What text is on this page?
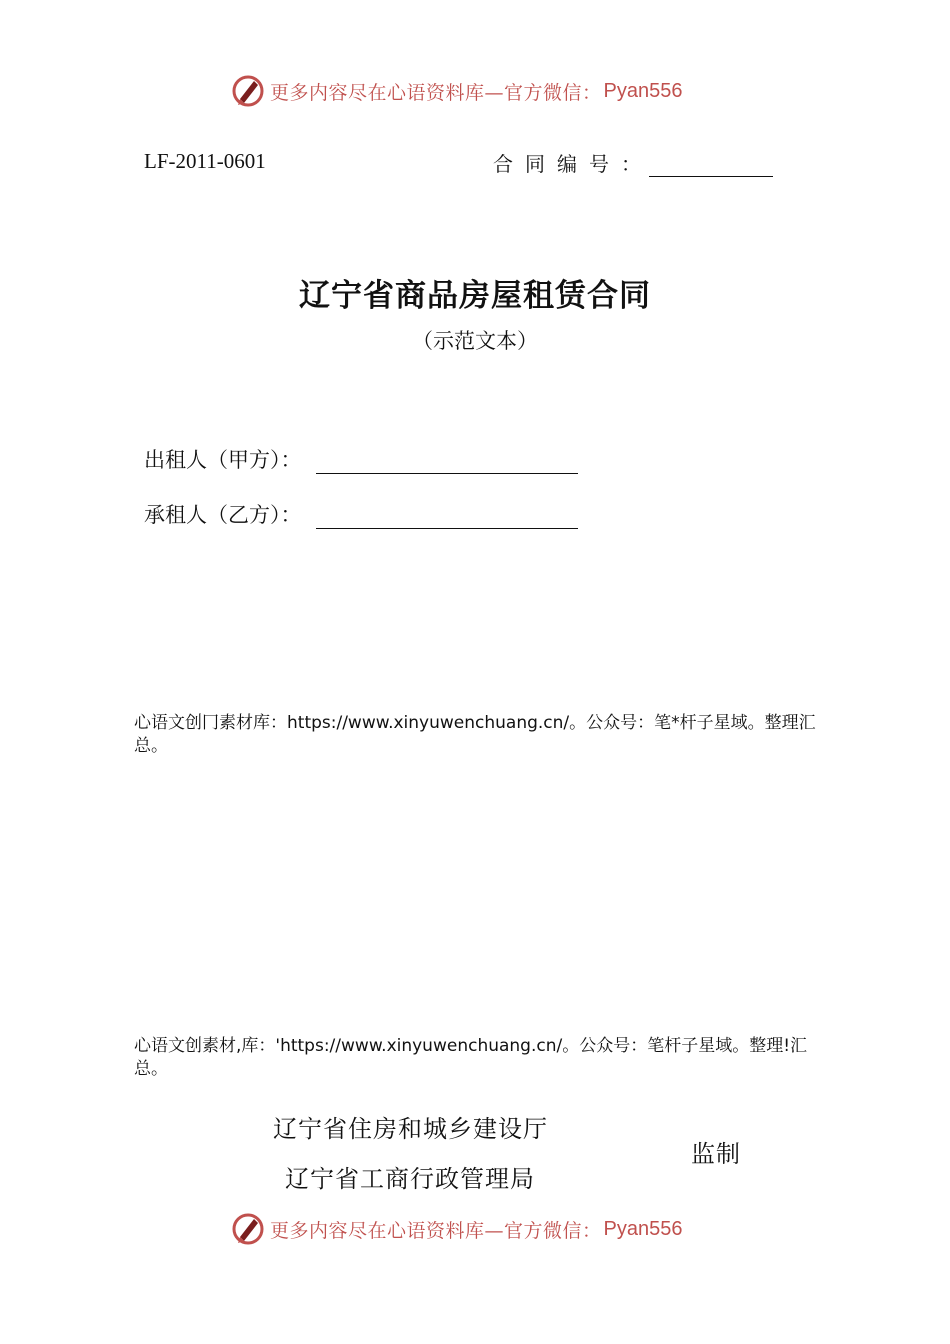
更多内容尽在心语资料库—官方微信： Pyan556
LF-2011-0601	合同编号：
辽宁省商品房屋租赁合同
（示范文本）
出租人（甲方）：
承租人（乙方）：
心语文创冂素材库：https://www.xinyuwenchuang.cn/。公众号：笔*杆子星域。整理汇总。
心语文创素材,库：'https://www.xinyuwenchuang.cn/。公众号：笔杆子星域。整理!汇总。
辽宁省住房和城乡建设厅
辽宁省工商行政管理局
监制
更多内容尽在心语资料库—官方微信： Pyan556
